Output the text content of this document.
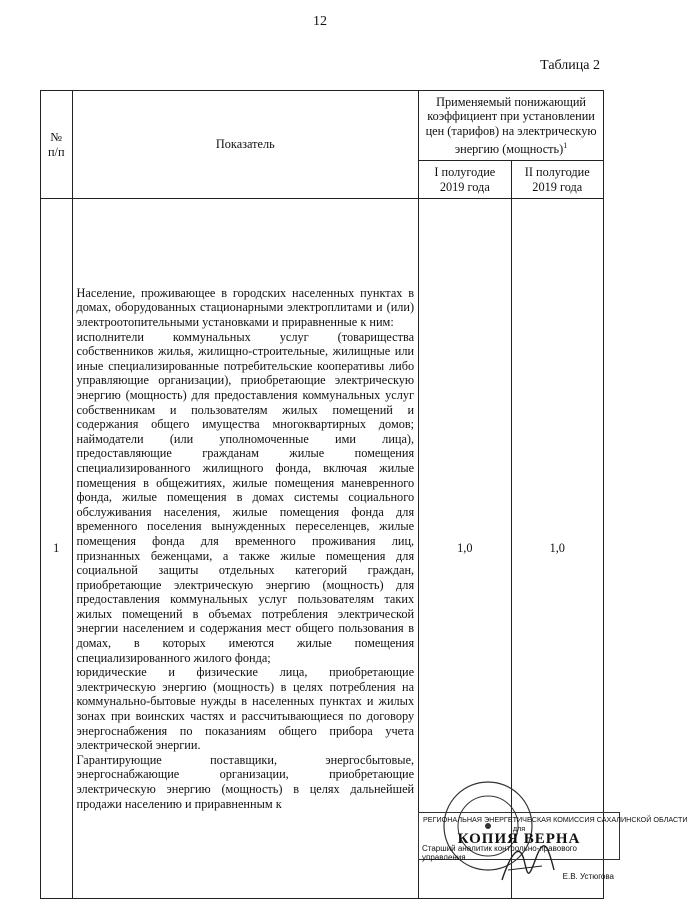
12
Таблица 2
№ п/п	Показатель	Применяемый понижающий коэффициент при установлении цен (тарифов) на электрическую энергию (мощность)$^1$
		I полугодие 2019 года	II полугодие 2019 года
1	Население, проживающее в городских населенных пунктах в домах, оборудованных стационарными электроплитами и (или) электроотопительными установками и приравненные к ним:

исполнители коммунальных услуг (товарищества собственников жилья, жилищно-строительные, жилищные или иные специализированные потребительские кооперативы либо управляющие организации), приобретающие электрическую энергию (мощность) для предоставления коммунальных услуг собственникам и пользователям жилых помещений и содержания общего имущества многоквартирных домов; наймодатели (или уполномоченные ими лица), предоставляющие гражданам жилые помещения специализированного жилищного фонда, включая жилые помещения в общежитиях, жилые помещения маневренного фонда, жилые помещения в домах системы социального обслуживания населения, жилые помещения фонда для временного поселения вынужденных переселенцев, жилые помещения фонда для временного проживания лиц, признанных беженцами, а также жилые помещения для социальной защиты отдельных категорий граждан, приобретающие электрическую энергию (мощность) для предоставления коммунальных услуг пользователям таких жилых помещений в объемах потребления электрической энергии населением и содержания мест общего пользования в домах, в которых имеются жилые помещения специализированного жилого фонда;

юридические и физические лица, приобретающие электрическую энергию (мощность) в целях потребления на коммунально-бытовые нужды в населенных пунктах и жилых зонах при воинских частях и рассчитывающиеся по договору энергоснабжения по показаниям общего прибора учета электрической энергии.

Гарантирующие поставщики, энергосбытовые, энергоснабжающие организации, приобретающие электрическую энергию (мощность) в целях дальнейшей продажи населению и приравненным к	1,0	1,0
РЕГИОНАЛЬНАЯ ЭНЕРГЕТИЧЕСКАЯ КОМИССИЯ САХАЛИНСКОЙ ОБЛАСТИ
для
КОПИЯ ВЕРНА
Старший аналитик контрольно-правового управления
Е.В. Устюгова
